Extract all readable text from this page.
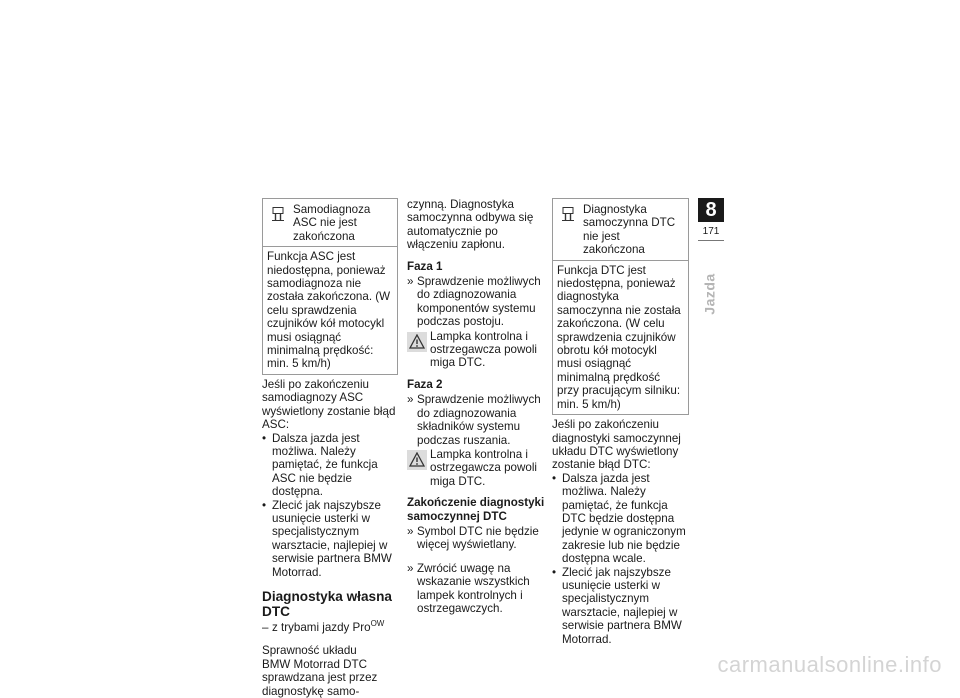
Samodiagnoza ASC nie jest zakończona
Funkcja ASC jest niedostępna, ponieważ samodiagnoza nie została zakończona. (W celu sprawdzenia czujników kół motocykl musi osiągnąć minimalną prędkość: min. 5 km/h)

Jeśli po zakończeniu samodiagnozy ASC wyświetlony zostanie błąd ASC:

• Dalsza jazda jest możliwa. Należy pamiętać, że funkcja ASC nie będzie dostępna.
• Zlecić jak najszybsze usunięcie usterki w specjalistycznym warsztacie, najlepiej w serwisie partnera BMW Motorrad.
Diagnostyka własna DTC
– z trybami jazdy Pro$^{OW}$

Sprawność układu

BMW Motorrad DTC sprawdzana jest przez diagnostykę samo-

czynną. Diagnostyka samoczynna odbywa się automatycznie po włączeniu zapłonu.

Faza 1
» Sprawdzenie możliwych do zdiagnozowania komponentów systemu podczas postoju.
Lampka kontrolna i ostrzegawcza powoli miga DTC.
Faza 2
» Sprawdzenie możliwych do zdiagnozowania składników systemu podczas ruszania.
Lampka kontrolna i ostrzegawcza powoli miga DTC.
Zakończenie diagnostyki samoczynnej DTC
» Symbol DTC nie będzie więcej wyświetlany.
» Zwrócić uwagę na wskazanie wszystkich lampek kontrolnych i ostrzegawczych.
Diagnostyka samoczynna DTC nie jest zakończona
Funkcja DTC jest niedostępna, ponieważ diagnostyka samoczynna nie została zakończona. (W celu sprawdzenia czujników obrotu kół motocykl musi osiągnąć minimalną prędkość przy pracującym silniku: min. 5 km/h)

Jeśli po zakończeniu diagnostyki samoczynnej układu DTC wyświetlony zostanie błąd DTC:

• Dalsza jazda jest możliwa. Należy pamiętać, że funkcja DTC będzie dostępna jedynie w ograniczonym zakresie lub nie będzie dostępna wcale.
• Zlecić jak najszybsze usunięcie usterki w specjalistycznym warsztacie, najlepiej w serwisie partnera BMW Motorrad.
8
171
Jazda
carmanualsonline.info
